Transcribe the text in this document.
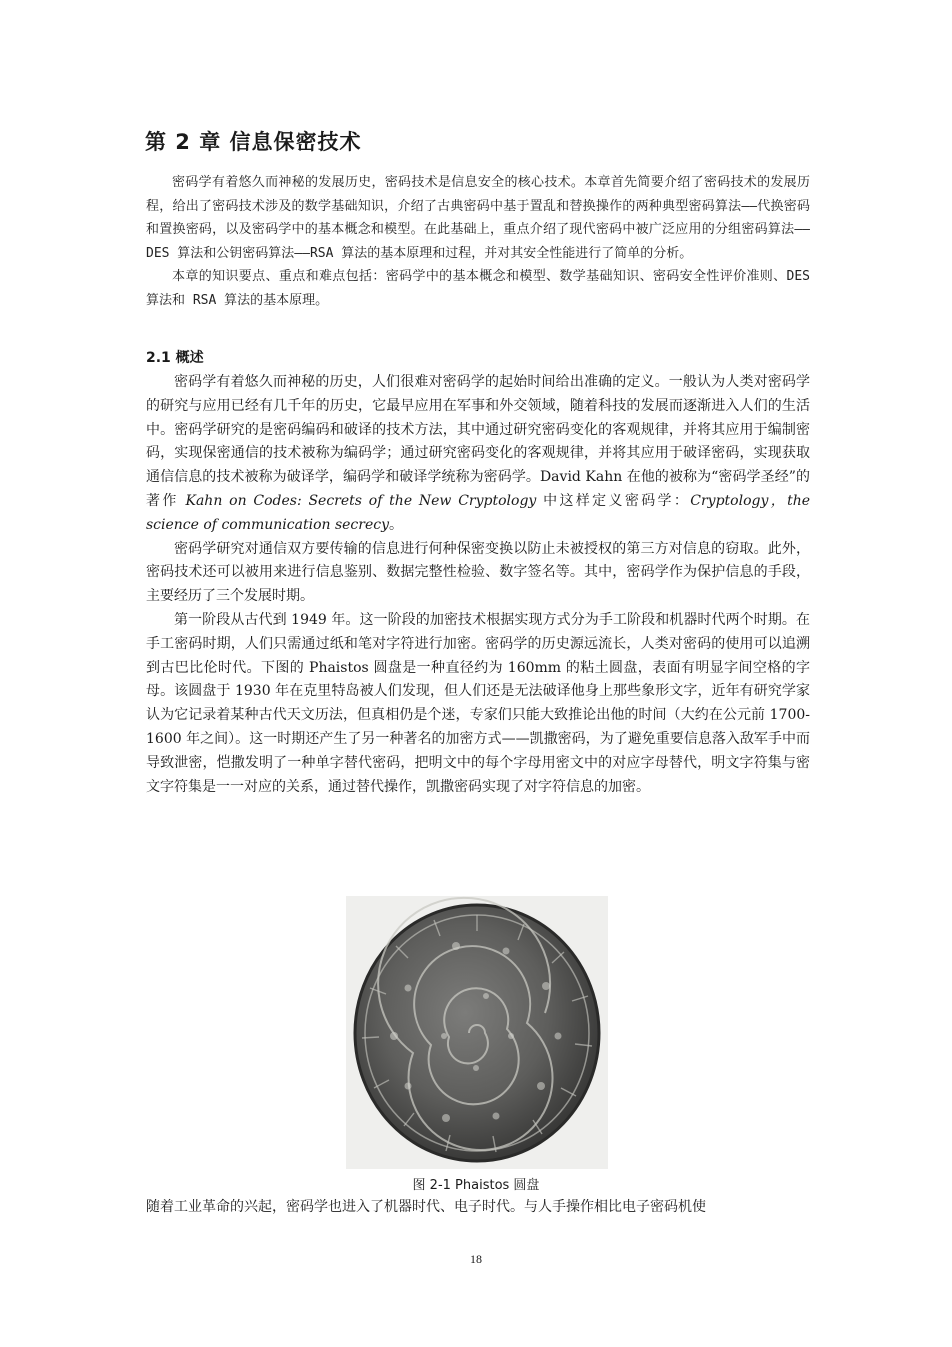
第 2 章 信息保密技术

密码学有着悠久而神秘的发展历史，密码技术是信息安全的核心技术。本章首先简要介绍了密码技术的发展历程，给出了密码技术涉及的数学基础知识，介绍了古典密码中基于置乱和替换操作的两种典型密码算法——代换密码和置换密码，以及密码学中的基本概念和模型。在此基础上，重点介绍了现代密码中被广泛应用的分组密码算法——DES 算法和公钥密码算法——RSA 算法的基本原理和过程，并对其安全性能进行了简单的分析。

本章的知识要点、重点和难点包括：密码学中的基本概念和模型、数学基础知识、密码安全性评价准则、DES 算法和 RSA 算法的基本原理。

2.1 概述

密码学有着悠久而神秘的历史，人们很难对密码学的起始时间给出准确的定义。一般认为人类对密码学的研究与应用已经有几千年的历史，它最早应用在军事和外交领域，随着科技的发展而逐渐进入人们的生活中。密码学研究的是密码编码和破译的技术方法，其中通过研究密码变化的客观规律，并将其应用于编制密码，实现保密通信的技术被称为编码学；通过研究密码变化的客观规律，并将其应用于破译密码，实现获取通信信息的技术被称为破译学，编码学和破译学统称为密码学。David Kahn 在他的被称为“密码学圣经”的著作 Kahn on Codes: Secrets of the New Cryptology 中这样定义密码学：Cryptology，the science of communication secrecy。

密码学研究对通信双方要传输的信息进行何种保密变换以防止未被授权的第三方对信息的窃取。此外，密码技术还可以被用来进行信息鉴别、数据完整性检验、数字签名等。其中，密码学作为保护信息的手段，主要经历了三个发展时期。

第一阶段从古代到 1949 年。这一阶段的加密技术根据实现方式分为手工阶段和机器时代两个时期。在手工密码时期，人们只需通过纸和笔对字符进行加密。密码学的历史源远流长，人类对密码的使用可以追溯到古巴比伦时代。下图的 Phaistos 圆盘是一种直径约为 160mm 的粘土圆盘，表面有明显字间空格的字母。该圆盘于 1930 年在克里特岛被人们发现，但人们还是无法破译他身上那些象形文字，近年有研究学家认为它记录着某种古代天文历法，但真相仍是个迷，专家们只能大致推论出他的时间（大约在公元前 1700-1600 年之间）。这一时期还产生了另一种著名的加密方式——凯撒密码，为了避免重要信息落入敌军手中而导致泄密，恺撒发明了一种单字替代密码，把明文中的每个字母用密文中的对应字母替代，明文字符集与密文字符集是一一对应的关系，通过替代操作，凯撒密码实现了对字符信息的加密。

图 2-1 Phaistos 圆盘
随着工业革命的兴起，密码学也进入了机器时代、电子时代。与人手操作相比电子密码机使
18
